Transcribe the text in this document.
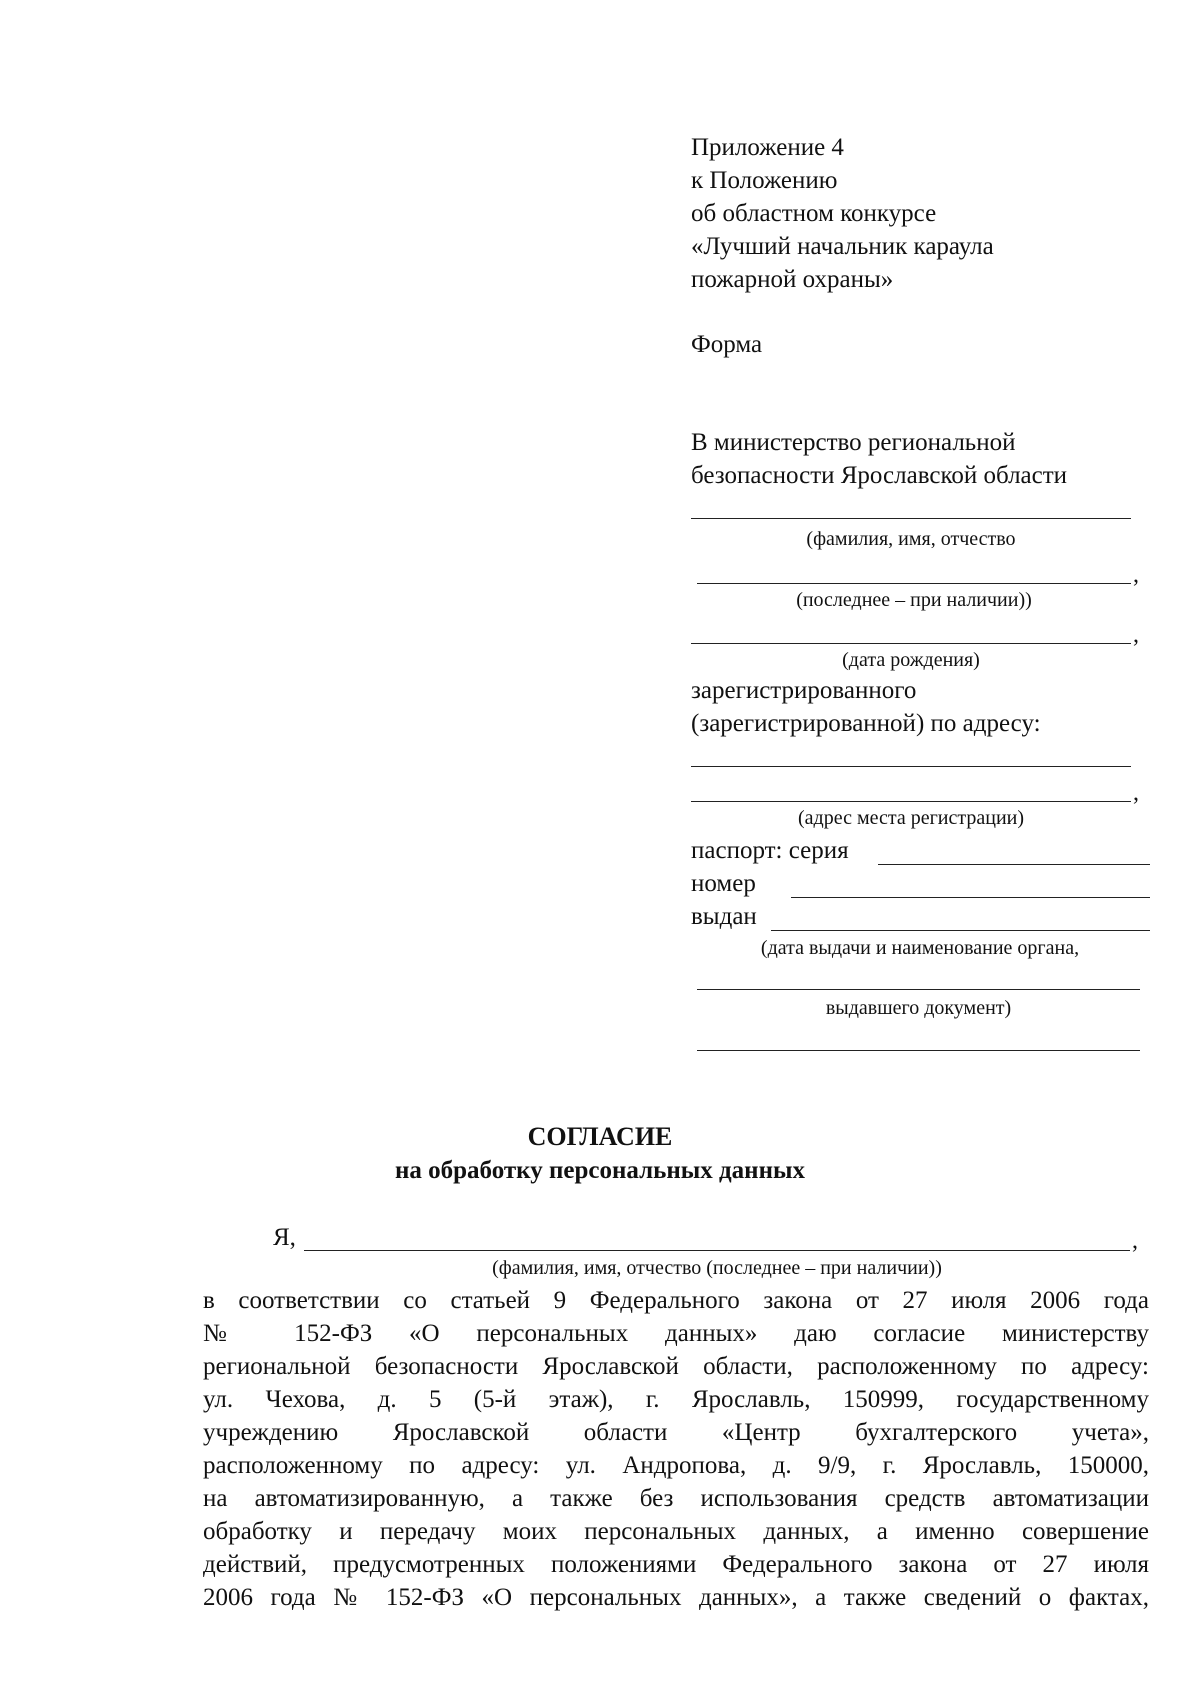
Приложение 4
к Положению
об областном конкурсе
«Лучший начальник караула
пожарной охраны»
Форма
В министерство региональной
безопасности Ярославской области
(фамилия, имя, отчество
,
(последнее – при наличии))
,
(дата рождения)
зарегистрированного
(зарегистрированной) по адресу:
,
(адрес места регистрации)
паспорт: серия
номер
выдан
(дата выдачи и наименование органа,
выдавшего документ)
СОГЛАСИЕ
на обработку персональных данных
Я,	,
(фамилия, имя, отчество (последнее – при наличии))
в соответствии со статьей 9 Федерального закона от 27 июля 2006 года
№ 152-ФЗ «О персональных данных» даю согласие министерству
региональной безопасности Ярославской области, расположенному по адресу:
ул. Чехова, д. 5 (5-й этаж), г. Ярославль, 150999, государственному
учреждению Ярославской области «Центр бухгалтерского учета»,
расположенному по адресу: ул. Андропова, д. 9/9, г. Ярославль, 150000,
на автоматизированную, а также без использования средств автоматизации
обработку и передачу моих персональных данных, а именно совершение
действий, предусмотренных положениями Федерального закона от 27 июля
2006 года № 152-ФЗ «О персональных данных», а также сведений о фактах,
